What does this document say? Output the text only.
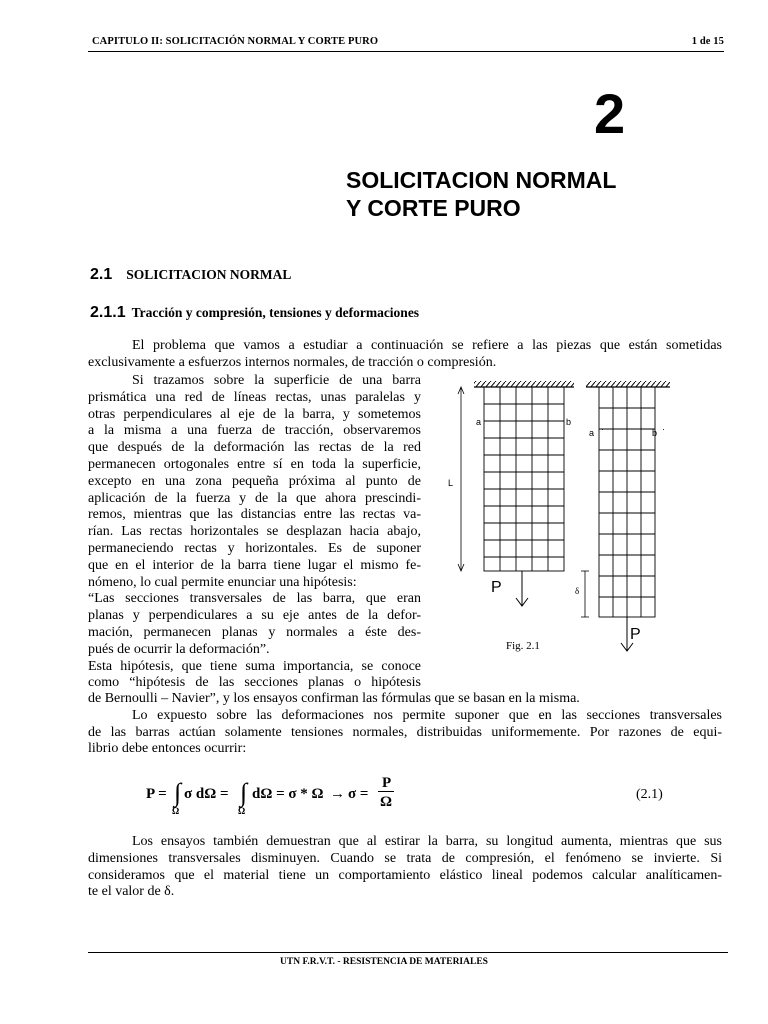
CAPITULO II: SOLICITACIÓN NORMAL Y CORTE PURO	1 de 15
2
SOLICITACION NORMAL
Y CORTE PURO
2.1 SOLICITACION NORMAL
2.1.1 Tracción y compresión, tensiones y deformaciones
El problema que vamos a estudiar a continuación se refiere a las piezas que están sometidas
exclusivamente a esfuerzos internos normales, de tracción o compresión.
Si trazamos sobre la superficie de una barra
prismática una red de líneas rectas, unas paralelas y
otras perpendiculares al eje de la barra, y sometemos
a la misma a una fuerza de tracción, observaremos
que después de la deformación las rectas de la red
permanecen ortogonales entre sí en toda la superficie,
excepto en una zona pequeña próxima al punto de
aplicación de la fuerza y de la que ahora prescindi-
remos, mientras que las distancias entre las rectas va-
rían. Las rectas horizontales se desplazan hacia abajo,
permaneciendo rectas y horizontales. Es de suponer
que en el interior de la barra tiene lugar el mismo fe-
nómeno, lo cual permite enunciar una hipótesis:
“Las secciones transversales de las barra, que eran
planas y perpendiculares a su eje antes de la defor-
mación, permanecen planas y normales a éste des-
pués de ocurrir la deformación”.
Esta hipótesis, que tiene suma importancia, se conoce
como “hipótesis de las secciones planas o hipótesis
a	b
a ·	b ·
L
δ
P
P
Fig. 2.1
de Bernoulli – Navier”, y los ensayos confirman las fórmulas que se basan en la misma.
Lo expuesto sobre las deformaciones nos permite suponer que en las secciones transversales
de las barras actúan solamente tensiones normales, distribuidas uniformemente. Por razones de equi-
librio debe entonces ocurrir:
P = ∫
Ω
σ dΩ = ∫
Ω
dΩ = σ * Ω → σ =
P
Ω	(2.1)
Los ensayos también demuestran que al estirar la barra, su longitud aumenta, mientras que sus
dimensiones transversales disminuyen. Cuando se trata de compresión, el fenómeno se invierte. Si
consideramos que el material tiene un comportamiento elástico lineal podemos calcular analíticamen-
te el valor de δ.
UTN F.R.V.T. - RESISTENCIA DE MATERIALES
